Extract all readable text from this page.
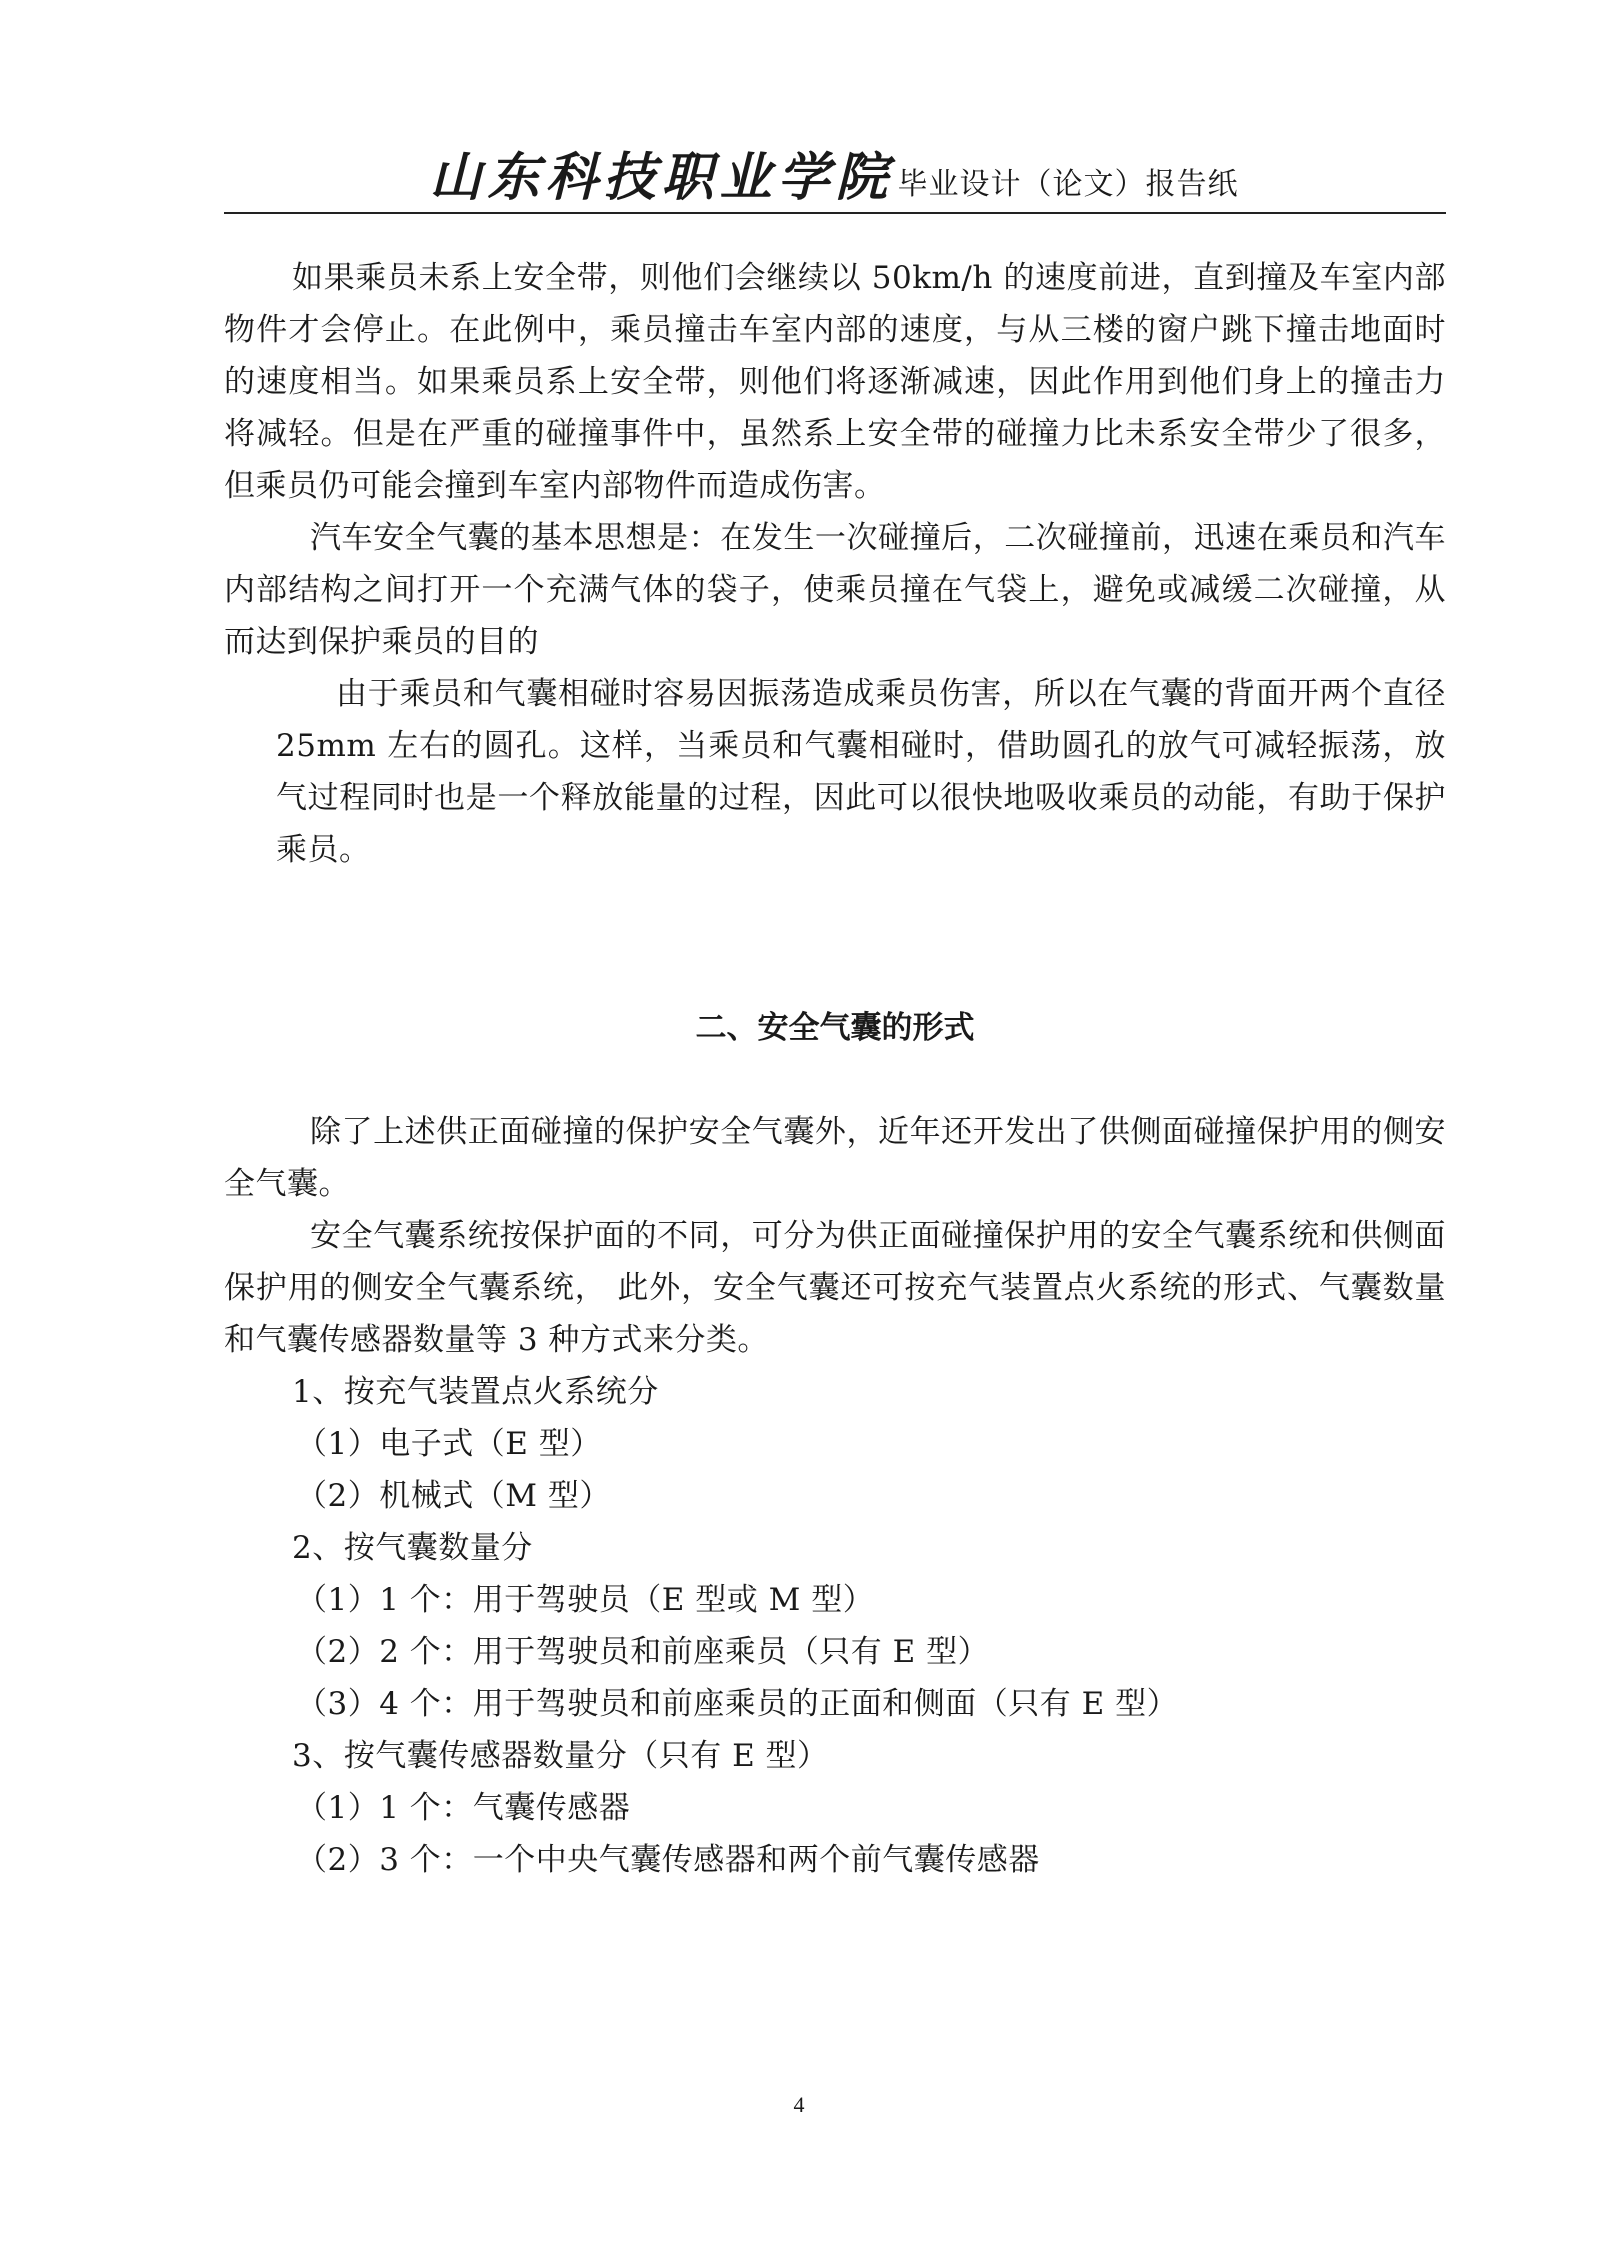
山东科技职业学院 毕业设计（论文）报告纸

如果乘员未系上安全带，则他们会继续以 50km/h 的速度前进，直到撞及车室内部物件才会停止。在此例中，乘员撞击车室内部的速度，与从三楼的窗户跳下撞击地面时的速度相当。如果乘员系上安全带，则他们将逐渐减速，因此作用到他们身上的撞击力将减轻。但是在严重的碰撞事件中，虽然系上安全带的碰撞力比未系安全带少了很多，但乘员仍可能会撞到车室内部物件而造成伤害。

汽车安全气囊的基本思想是：在发生一次碰撞后，二次碰撞前，迅速在乘员和汽车内部结构之间打开一个充满气体的袋子，使乘员撞在气袋上，避免或减缓二次碰撞，从而达到保护乘员的目的

由于乘员和气囊相碰时容易因振荡造成乘员伤害，所以在气囊的背面开两个直径 25mm 左右的圆孔。这样，当乘员和气囊相碰时，借助圆孔的放气可减轻振荡，放气过程同时也是一个释放能量的过程，因此可以很快地吸收乘员的动能，有助于保护乘员。

二、安全气囊的形式

除了上述供正面碰撞的保护安全气囊外，近年还开发出了供侧面碰撞保护用的侧安全气囊。

安全气囊系统按保护面的不同，可分为供正面碰撞保护用的安全气囊系统和供侧面保护用的侧安全气囊系统， 此外，安全气囊还可按充气装置点火系统的形式、气囊数量和气囊传感器数量等 3 种方式来分类。

1、按充气装置点火系统分

（1）电子式（E 型）

（2）机械式（M 型）

2、按气囊数量分

（1）1 个：用于驾驶员（E 型或 M 型）

（2）2 个：用于驾驶员和前座乘员（只有 E 型）

（3）4 个：用于驾驶员和前座乘员的正面和侧面（只有 E 型）

3、按气囊传感器数量分（只有 E 型）

（1）1 个：气囊传感器

（2）3 个：一个中央气囊传感器和两个前气囊传感器

4
